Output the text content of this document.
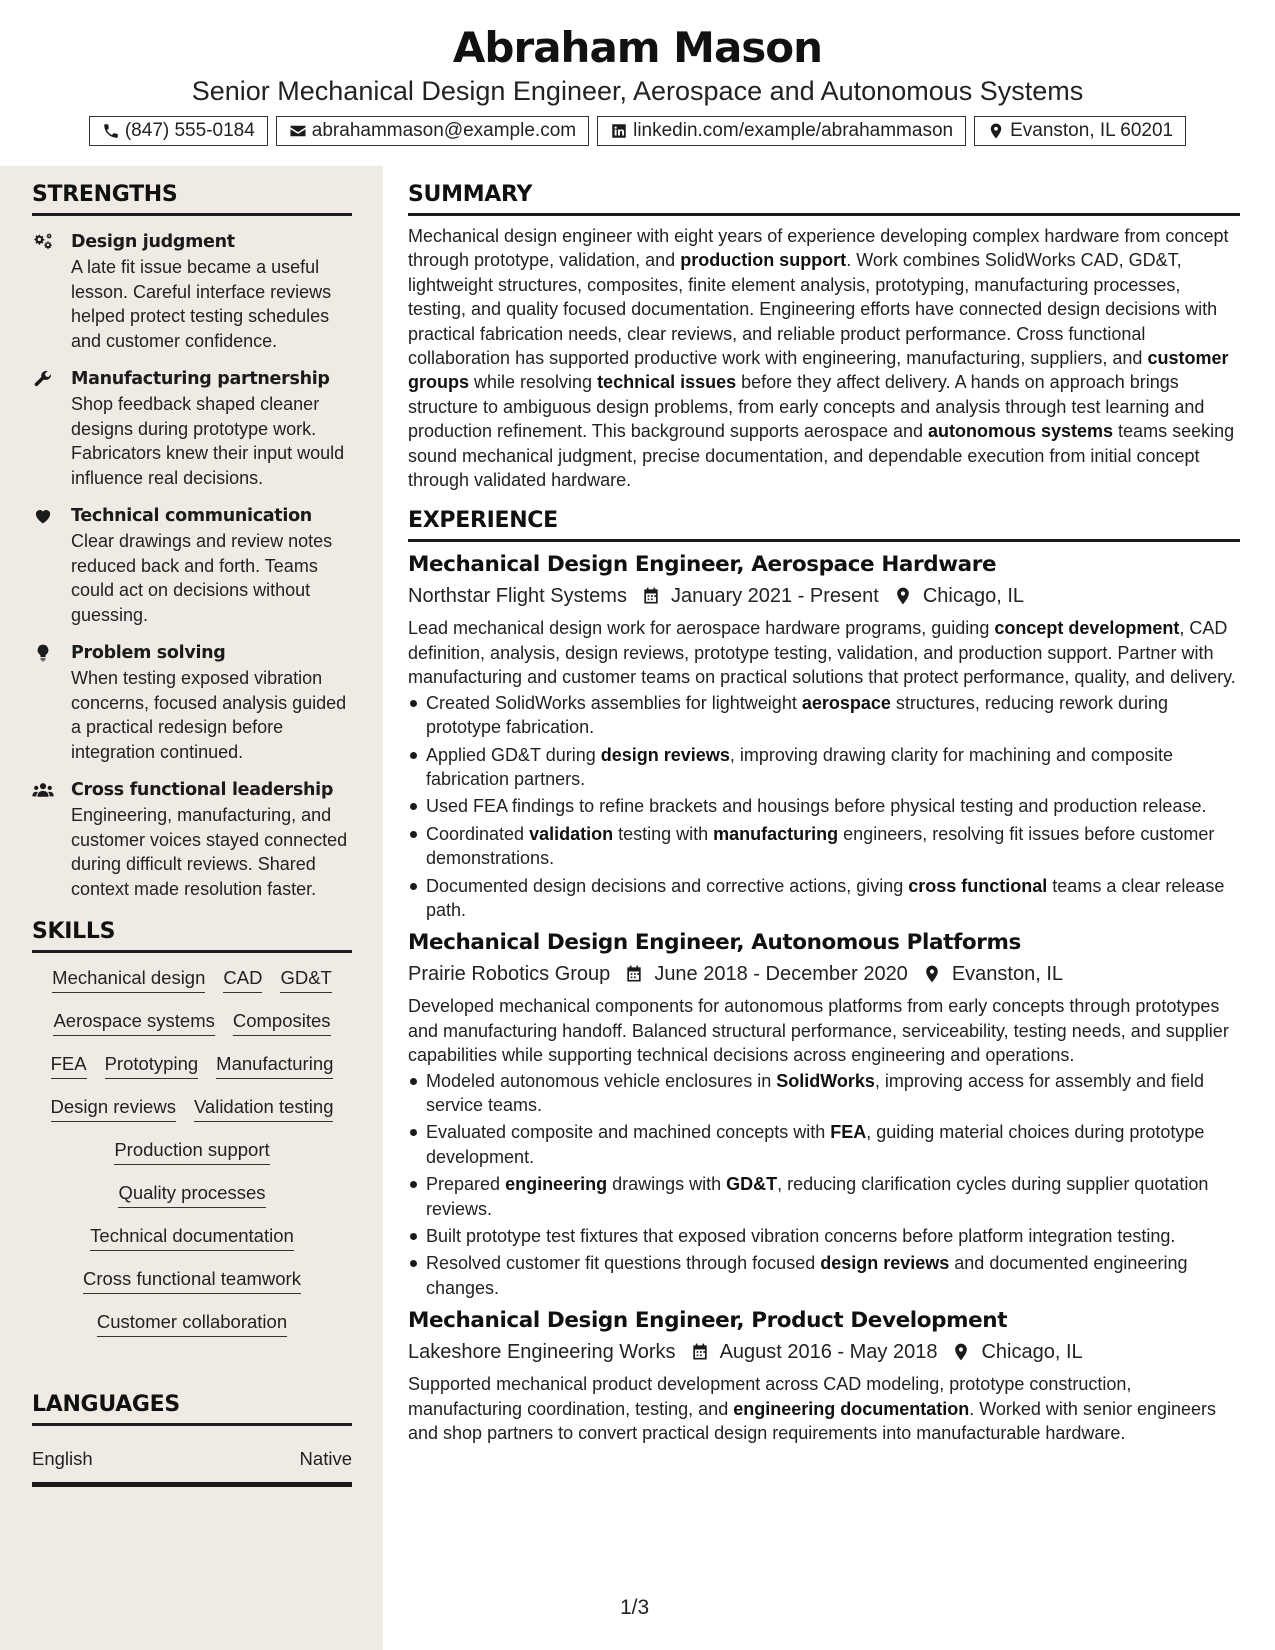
Abraham Mason
Senior Mechanical Design Engineer, Aerospace and Autonomous Systems
(847) 555-0184	abrahammason@example.com	linkedin.com/example/abrahammason	Evanston, IL 60201
STRENGTHS
Design judgment
A late fit issue became a useful lesson. Careful interface reviews helped protect testing schedules and customer confidence.
Manufacturing partnership
Shop feedback shaped cleaner designs during prototype work. Fabricators knew their input would influence real decisions.
Technical communication
Clear drawings and review notes reduced back and forth. Teams could act on decisions without guessing.
Problem solving
When testing exposed vibration concerns, focused analysis guided a practical redesign before integration continued.
Cross functional leadership
Engineering, manufacturing, and customer voices stayed connected during difficult reviews. Shared context made resolution faster.
SKILLS
Mechanical design CAD GD&T
Aerospace systems Composites
FEA Prototyping Manufacturing
Design reviews Validation testing
Production support
Quality processes
Technical documentation
Cross functional teamwork
Customer collaboration
LANGUAGES
English	Native
SUMMARY
Mechanical design engineer with eight years of experience developing complex hardware from concept through prototype, validation, and production support. Work combines SolidWorks CAD, GD&T, lightweight structures, composites, finite element analysis, prototyping, manufacturing processes, testing, and quality focused documentation. Engineering efforts have connected design decisions with practical fabrication needs, clear reviews, and reliable product performance. Cross functional collaboration has supported productive work with engineering, manufacturing, suppliers, and customer groups while resolving technical issues before they affect delivery. A hands on approach brings structure to ambiguous design problems, from early concepts and analysis through test learning and production refinement. This background supports aerospace and autonomous systems teams seeking sound mechanical judgment, precise documentation, and dependable execution from initial concept through validated hardware.
EXPERIENCE
Mechanical Design Engineer, Aerospace Hardware
Northstar Flight Systems January 2021 - Present Chicago, IL
Lead mechanical design work for aerospace hardware programs, guiding concept development, CAD definition, analysis, design reviews, prototype testing, validation, and production support. Partner with manufacturing and customer teams on practical solutions that protect performance, quality, and delivery.
Created SolidWorks assemblies for lightweight aerospace structures, reducing rework during prototype fabrication.
Applied GD&T during design reviews, improving drawing clarity for machining and composite fabrication partners.
Used FEA findings to refine brackets and housings before physical testing and production release.
Coordinated validation testing with manufacturing engineers, resolving fit issues before customer demonstrations.
Documented design decisions and corrective actions, giving cross functional teams a clear release path.
Mechanical Design Engineer, Autonomous Platforms
Prairie Robotics Group June 2018 - December 2020 Evanston, IL
Developed mechanical components for autonomous platforms from early concepts through prototypes and manufacturing handoff. Balanced structural performance, serviceability, testing needs, and supplier capabilities while supporting technical decisions across engineering and operations.
Modeled autonomous vehicle enclosures in SolidWorks, improving access for assembly and field service teams.
Evaluated composite and machined concepts with FEA, guiding material choices during prototype development.
Prepared engineering drawings with GD&T, reducing clarification cycles during supplier quotation reviews.
Built prototype test fixtures that exposed vibration concerns before platform integration testing.
Resolved customer fit questions through focused design reviews and documented engineering changes.
Mechanical Design Engineer, Product Development
Lakeshore Engineering Works August 2016 - May 2018 Chicago, IL
Supported mechanical product development across CAD modeling, prototype construction, manufacturing coordination, testing, and engineering documentation. Worked with senior engineers and shop partners to convert practical design requirements into manufacturable hardware.
1/3
